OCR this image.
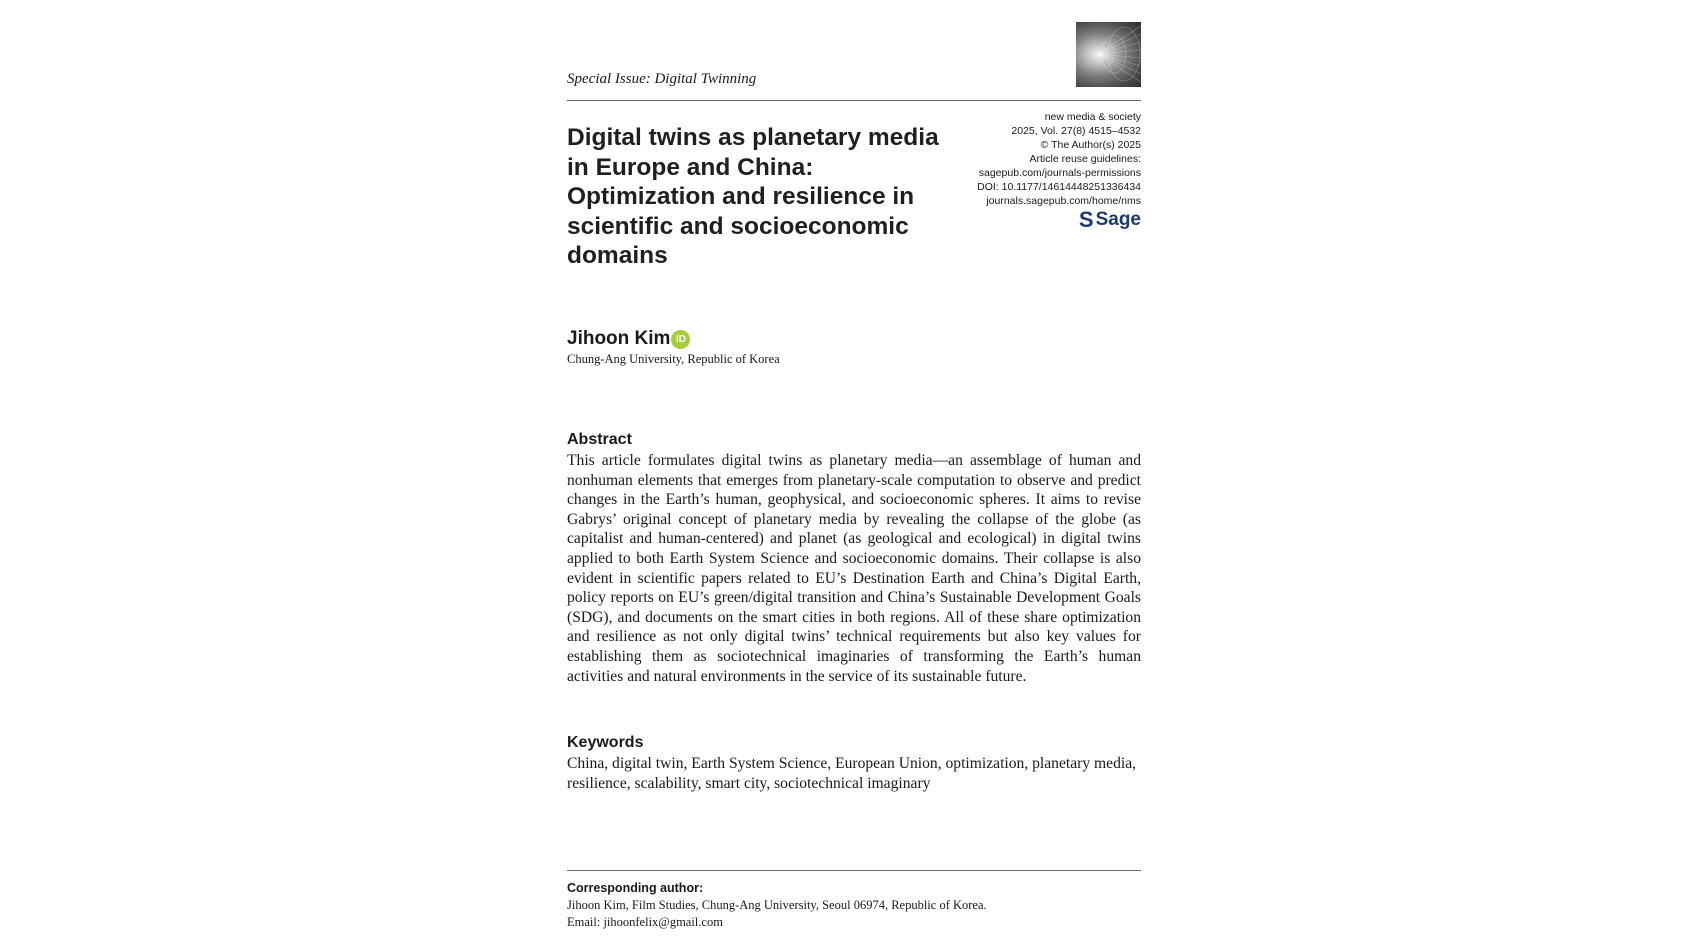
Special Issue: Digital Twinning
Digital twins as planetary media in Europe and China: Optimization and resilience in scientific and socioeconomic domains
new media & society
2025, Vol. 27(8) 4515–4532
© The Author(s) 2025
Article reuse guidelines:
sagepub.com/journals-permissions
DOI: 10.1177/14614448251336434
journals.sagepub.com/home/nms
S Sage
Jihoon Kim iD
Chung-Ang University, Republic of Korea
Abstract

This article formulates digital twins as planetary media—an assemblage of human and nonhuman elements that emerges from planetary-scale computation to observe and predict changes in the Earth’s human, geophysical, and socioeconomic spheres. It aims to revise Gabrys’ original concept of planetary media by revealing the collapse of the globe (as capitalist and human-centered) and planet (as geological and ecological) in digital twins applied to both Earth System Science and socioeconomic domains. Their collapse is also evident in scientific papers related to EU’s Destination Earth and China’s Digital Earth, policy reports on EU’s green/digital transition and China’s Sustainable Development Goals (SDG), and documents on the smart cities in both regions. All of these share optimization and resilience as not only digital twins’ technical requirements but also key values for establishing them as sociotechnical imaginaries of transforming the Earth’s human activities and natural environments in the service of its sustainable future.

Keywords

China, digital twin, Earth System Science, European Union, optimization, planetary media, resilience, scalability, smart city, sociotechnical imaginary

Corresponding author:
Jihoon Kim, Film Studies, Chung-Ang University, Seoul 06974, Republic of Korea.
Email: jihoonfelix@gmail.com
